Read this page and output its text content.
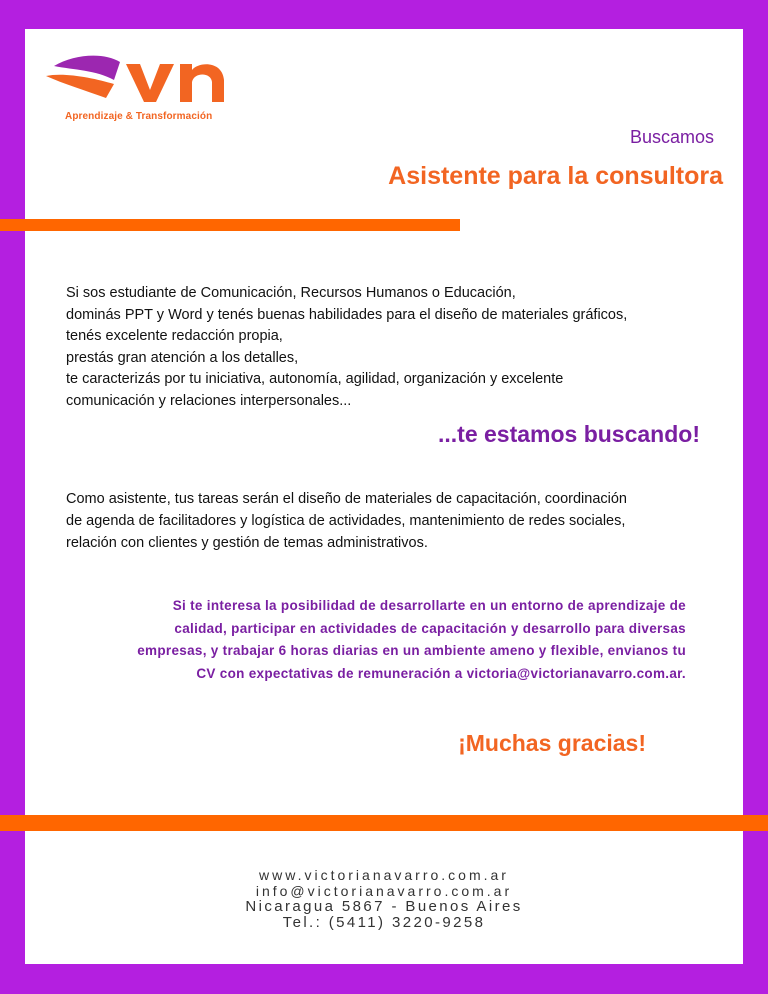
Aprendizaje & Transformación
Buscamos
Asistente para la consultora
Si sos estudiante de Comunicación, Recursos Humanos o Educación,
dominás PPT y Word y tenés buenas habilidades para el diseño de materiales gráficos,
tenés excelente redacción propia,
prestás gran atención a los detalles,
te caracterizás por tu iniciativa, autonomía, agilidad, organización y excelente
comunicación y relaciones interpersonales...
...te estamos buscando!
Como asistente, tus tareas serán el diseño de materiales de capacitación, coordinación
de agenda de facilitadores y logística de actividades, mantenimiento de redes sociales,
relación con clientes y gestión de temas administrativos.
Si te interesa la posibilidad de desarrollarte en un entorno de aprendizaje de
calidad, participar en actividades de capacitación y desarrollo para diversas
empresas, y trabajar 6 horas diarias en un ambiente ameno y flexible, envianos tu
CV con expectativas de remuneración a victoria@victorianavarro.com.ar.
¡Muchas gracias!
www.victorianavarro.com.ar
info@victorianavarro.com.ar
Nicaragua 5867 - Buenos Aires
Tel.: (5411) 3220-9258
